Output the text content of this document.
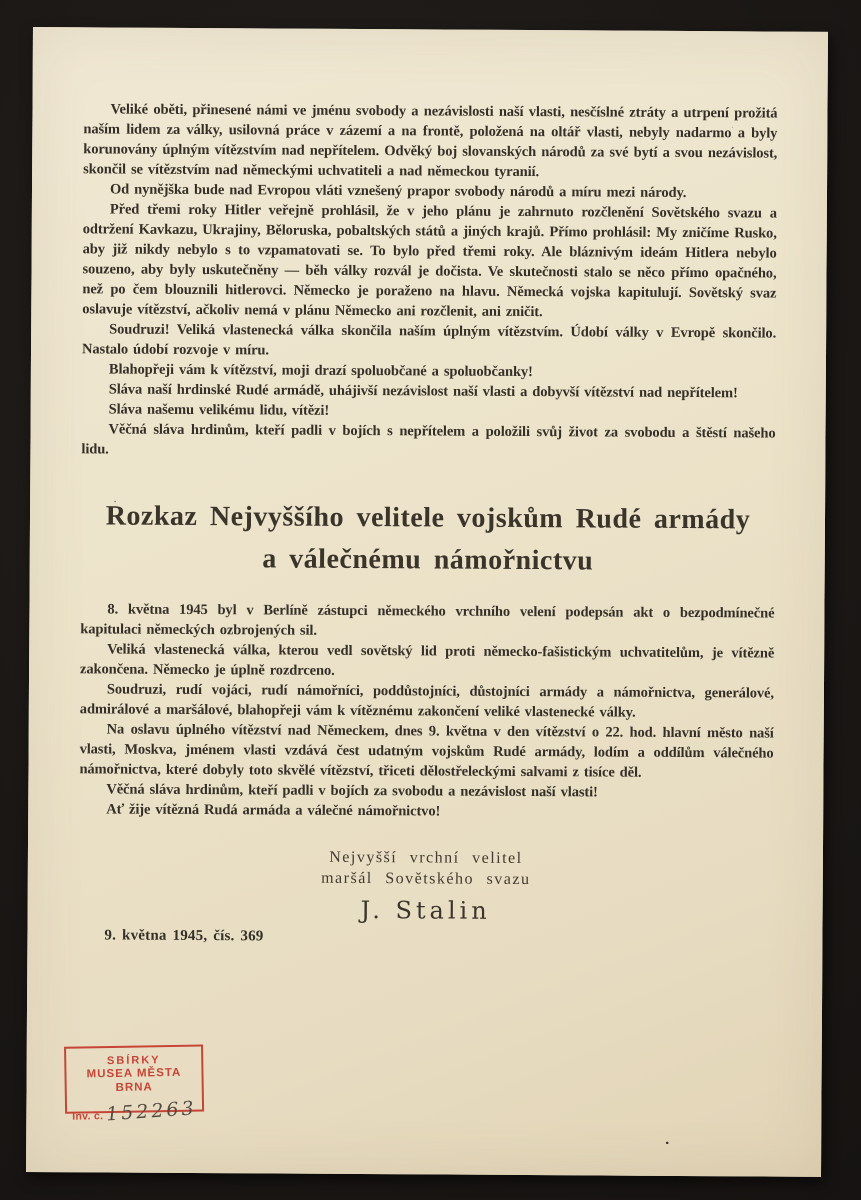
Veliké oběti, přinesené námi ve jménu svobody a nezávislosti naší vlasti, nesčíslné ztráty a utrpení prožitá naším lidem za války, usilovná práce v zázemí a na frontě, položená na oltář vlasti, nebyly nadarmo a byly korunovány úplným vítězstvím nad nepřítelem. Odvěký boj slovanských národů za své bytí a svou nezávislost, skončil se vítězstvím nad německými uchvatiteli a nad německou tyranií.

Od nynějška bude nad Evropou vláti vznešený prapor svobody národů a míru mezi národy.

Před třemi roky Hitler veřejně prohlásil, že v jeho plánu je zahrnuto rozčlenění Sovětského svazu a odtržení Kavkazu, Ukrajiny, Běloruska, pobaltských států a jiných krajů. Přímo prohlásil: My zničíme Rusko, aby již nikdy nebylo s to vzpamatovati se. To bylo před třemi roky. Ale bláznivým ideám Hitlera nebylo souzeno, aby byly uskutečněny — běh války rozvál je dočista. Ve skutečnosti stalo se něco přímo opačného, než po čem blouznili hitlerovci. Německo je poraženo na hlavu. Německá vojska kapitulují. Sovětský svaz oslavuje vítězství, ačkoliv nemá v plánu Německo ani rozčlenit, ani zničit.

Soudruzi! Veliká vlastenecká válka skončila naším úplným vítězstvím. Údobí války v Evropě skončilo. Nastalo údobí rozvoje v míru.

Blahopřeji vám k vítězství, moji drazí spoluobčané a spoluobčanky!

Sláva naší hrdinské Rudé armádě, uhájivší nezávislost naší vlasti a dobyvší vítězství nad nepřítelem!

Sláva našemu velikému lidu, vítězi!

Věčná sláva hrdinům, kteří padli v bojích s nepřítelem a položili svůj život za svobodu a štěstí našeho lidu.

Rozkaz Nejvyššího velitele vojskům Rudé armády
a válečnému námořnictvu

8. května 1945 byl v Berlíně zástupci německého vrchního velení podepsán akt o bezpodmínečné kapitulaci německých ozbrojených sil.

Veliká vlastenecká válka, kterou vedl sovětský lid proti německo-fašistickým uchvatitelům, je vítězně zakončena. Německo je úplně rozdrceno.

Soudruzi, rudí vojáci, rudí námořníci, poddůstojníci, důstojníci armády a námořnictva, generálové, admirálové a maršálové, blahopřeji vám k vítěznému zakončení veliké vlastenecké války.

Na oslavu úplného vítězství nad Německem, dnes 9. května v den vítězství o 22. hod. hlavní město naší vlasti, Moskva, jménem vlasti vzdává čest udatným vojskům Rudé armády, lodím a oddílům válečného námořnictva, které dobyly toto skvělé vítězství, třiceti dělostřeleckými salvami z tisíce děl.

Věčná sláva hrdinům, kteří padli v bojích za svobodu a nezávislost naší vlasti!

Ať žije vítězná Rudá armáda a válečné námořnictvo!

Nejvyšší vrchní velitel
maršál Sovětského svazu
J. Stalin
9. května 1945, čís. 369
SBÍRKY
MUSEA MĚSTA BRNA
Inv. č. 152263
